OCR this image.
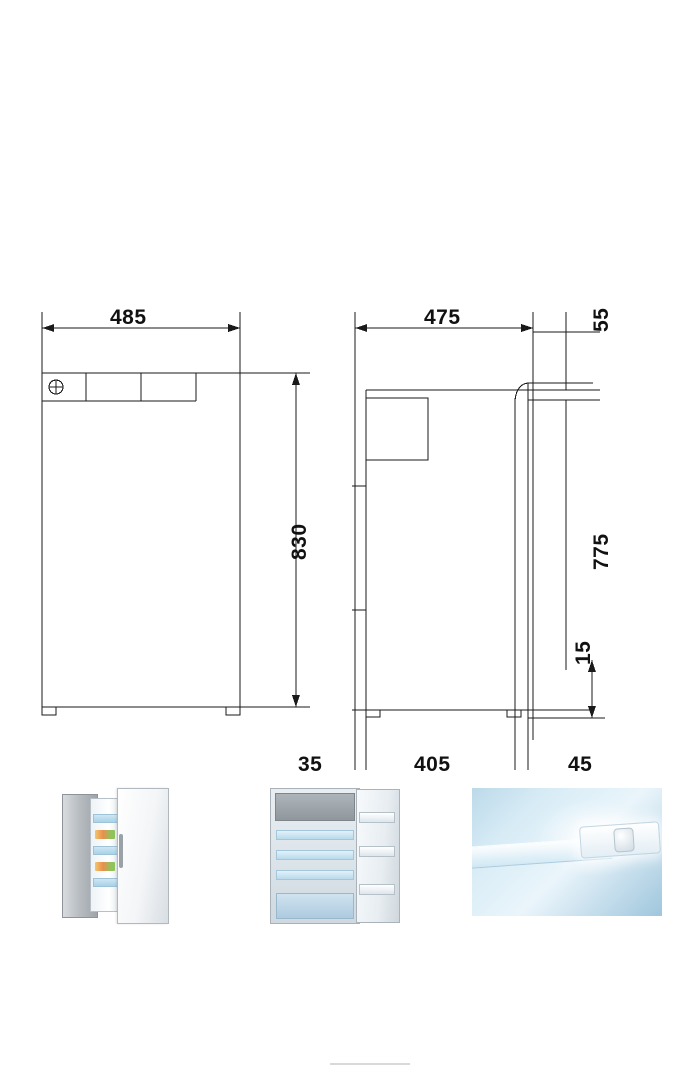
485
830
475	55
775
15
35	405	45
